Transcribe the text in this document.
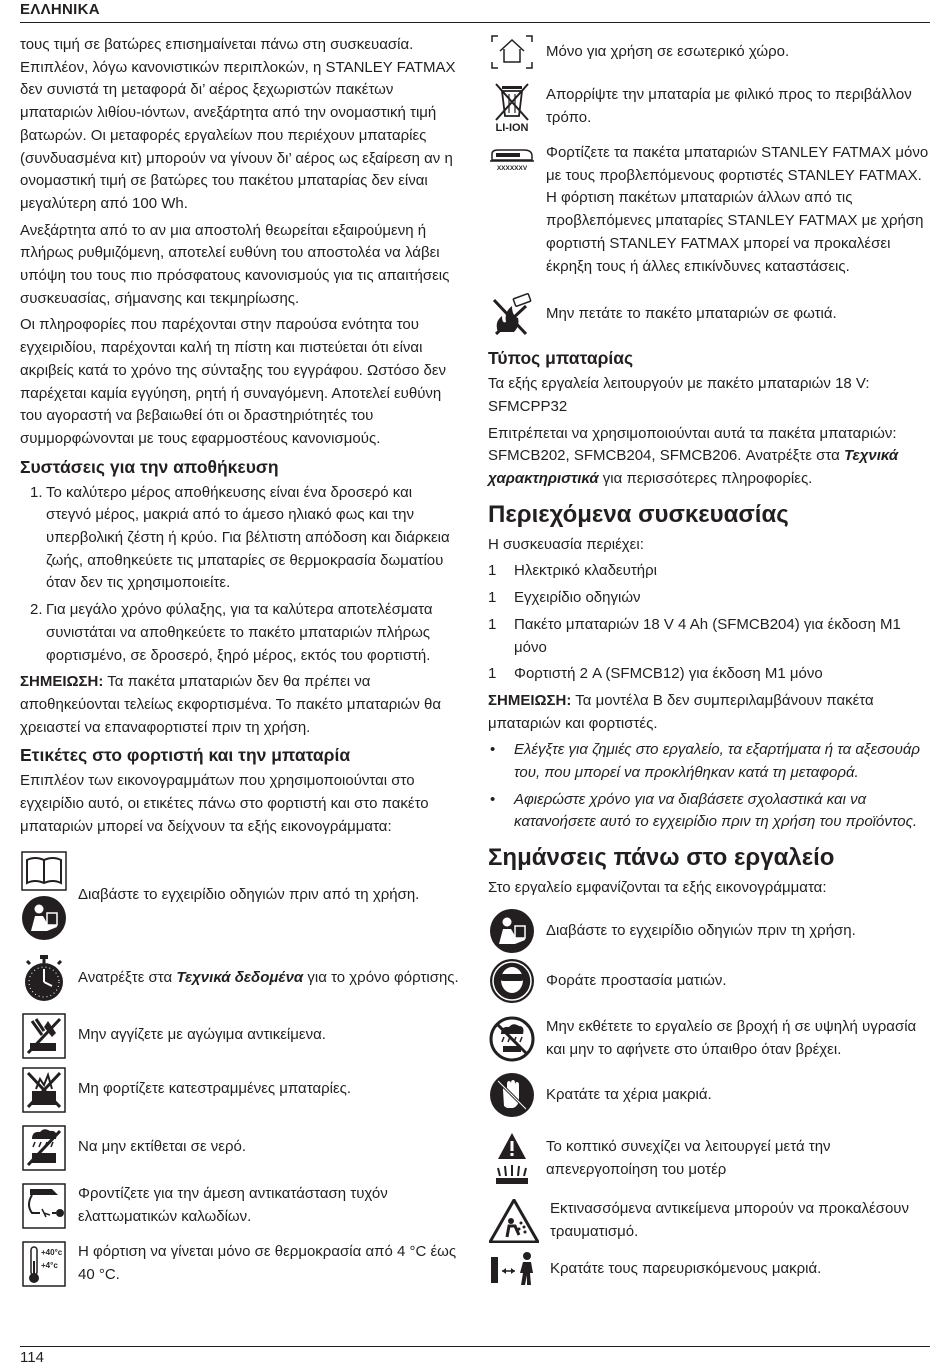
ΕΛΛΗΝΙΚΑ

τους τιμή σε βατώρες επισημαίνεται πάνω στη συσκευασία. Επιπλέον, λόγω κανονιστικών περιπλοκών, η STANLEY FATMAX δεν συνιστά τη μεταφορά δι’ αέρος ξεχωριστών πακέτων μπαταριών λιθίου-ιόντων, ανεξάρτητα από την ονομαστική τιμή βατωρών. Οι μεταφορές εργαλείων που περιέχουν μπαταρίες (συνδυασμένα κιτ) μπορούν να γίνουν δι’ αέρος ως εξαίρεση αν η ονομαστική τιμή σε βατώρες του πακέτου μπαταρίας δεν είναι μεγαλύτερη από 100 Wh.

Ανεξάρτητα από το αν μια αποστολή θεωρείται εξαιρούμενη ή πλήρως ρυθμιζόμενη, αποτελεί ευθύνη του αποστολέα να λάβει υπόψη του τους πιο πρόσφατους κανονισμούς για τις απαιτήσεις συσκευασίας, σήμανσης και τεκμηρίωσης.

Οι πληροφορίες που παρέχονται στην παρούσα ενότητα του εγχειριδίου, παρέχονται καλή τη πίστη και πιστεύεται ότι είναι ακριβείς κατά το χρόνο της σύνταξης του εγγράφου. Ωστόσο δεν παρέχεται καμία εγγύηση, ρητή ή συναγόμενη. Αποτελεί ευθύνη του αγοραστή να βεβαιωθεί ότι οι δραστηριότητές του συμμορφώνονται με τους εφαρμοστέους κανονισμούς.

Συστάσεις για την αποθήκευση
1. Το καλύτερο μέρος αποθήκευσης είναι ένα δροσερό και στεγνό μέρος, μακριά από το άμεσο ηλιακό φως και την υπερβολική ζέστη ή κρύο. Για βέλτιστη απόδοση και διάρκεια ζωής, αποθηκεύετε τις μπαταρίες σε θερμοκρασία δωματίου όταν δεν τις χρησιμοποιείτε.
2. Για μεγάλο χρόνο φύλαξης, για τα καλύτερα αποτελέσματα συνιστάται να αποθηκεύετε το πακέτο μπαταριών πλήρως φορτισμένο, σε δροσερό, ξηρό μέρος, εκτός του φορτιστή.

ΣΗΜΕΙΩΣΗ: Τα πακέτα μπαταριών δεν θα πρέπει να αποθηκεύονται τελείως εκφορτισμένα. Το πακέτο μπαταριών θα χρειαστεί να επαναφορτιστεί πριν τη χρήση.

Ετικέτες στο φορτιστή και την μπαταρία

Επιπλέον των εικονογραμμάτων που χρησιμοποιούνται στο εγχειρίδιο αυτό, οι ετικέτες πάνω στο φορτιστή και στο πακέτο μπαταριών μπορεί να δείχνουν τα εξής εικονογράμματα:

Διαβάστε το εγχειρίδιο οδηγιών πριν από τη χρήση.
Ανατρέξτε στα Τεχνικά δεδομένα για το χρόνο φόρτισης.
Μην αγγίζετε με αγώγιμα αντικείμενα.
Μη φορτίζετε κατεστραμμένες μπαταρίες.
Να μην εκτίθεται σε νερό.
Φροντίζετε για την άμεση αντικατάσταση τυχόν ελαττωματικών καλωδίων.
+40°c
+4°c
Η φόρτιση να γίνεται μόνο σε θερμοκρασία από 4 °C έως 40 °C.
Μόνο για χρήση σε εσωτερικό χώρο.
LI-ION
Απορρίψτε την μπαταρία με φιλικό προς το περιβάλλον τρόπο.
XXXXXXV
Φορτίζετε τα πακέτα μπαταριών STANLEY FATMAX μόνο με τους προβλεπόμενους φορτιστές STANLEY FATMAX. Η φόρτιση πακέτων μπαταριών άλλων από τις προβλεπόμενες μπαταρίες STANLEY FATMAX με χρήση φορτιστή STANLEY FATMAX μπορεί να προκαλέσει έκρηξη τους ή άλλες επικίνδυνες καταστάσεις.
Μην πετάτε το πακέτο μπαταριών σε φωτιά.
Τύπος μπαταρίας

Τα εξής εργαλεία λειτουργούν με πακέτο μπαταριών 18 V: SFMCPP32

Επιτρέπεται να χρησιμοποιούνται αυτά τα πακέτα μπαταριών: SFMCB202, SFMCB204, SFMCB206. Ανατρέξτε στα Τεχνικά χαρακτηριστικά για περισσότερες πληροφορίες.

Περιεχόμενα συσκευασίας

Η συσκευασία περιέχει:

1	Ηλεκτρικό κλαδευτήρι
1	Εγχειρίδιο οδηγιών
1	Πακέτο μπαταριών 18 V 4 Ah (SFMCB204) για έκδοση M1 μόνο
1	Φορτιστή 2 A (SFMCB12) για έκδοση M1 μόνο

ΣΗΜΕΙΩΣΗ: Τα μοντέλα B δεν συμπεριλαμβάνουν πακέτα μπαταριών και φορτιστές.

• Ελέγξτε για ζημιές στο εργαλείο, τα εξαρτήματα ή τα αξεσουάρ του, που μπορεί να προκλήθηκαν κατά τη μεταφορά.
• Αφιερώστε χρόνο για να διαβάσετε σχολαστικά και να κατανοήσετε αυτό το εγχειρίδιο πριν τη χρήση του προϊόντος.
Σημάνσεις πάνω στο εργαλείο

Στο εργαλείο εμφανίζονται τα εξής εικονογράμματα:

Διαβάστε το εγχειρίδιο οδηγιών πριν τη χρήση.
Φοράτε προστασία ματιών.
Μην εκθέτετε το εργαλείο σε βροχή ή σε υψηλή υγρασία και μην το αφήνετε στο ύπαιθρο όταν βρέχει.
Κρατάτε τα χέρια μακριά.
Το κοπτικό συνεχίζει να λειτουργεί μετά την απενεργοποίηση του μοτέρ
Εκτινασσόμενα αντικείμενα μπορούν να προκαλέσουν τραυματισμό.
Κρατάτε τους παρευρισκόμενους μακριά.
114
